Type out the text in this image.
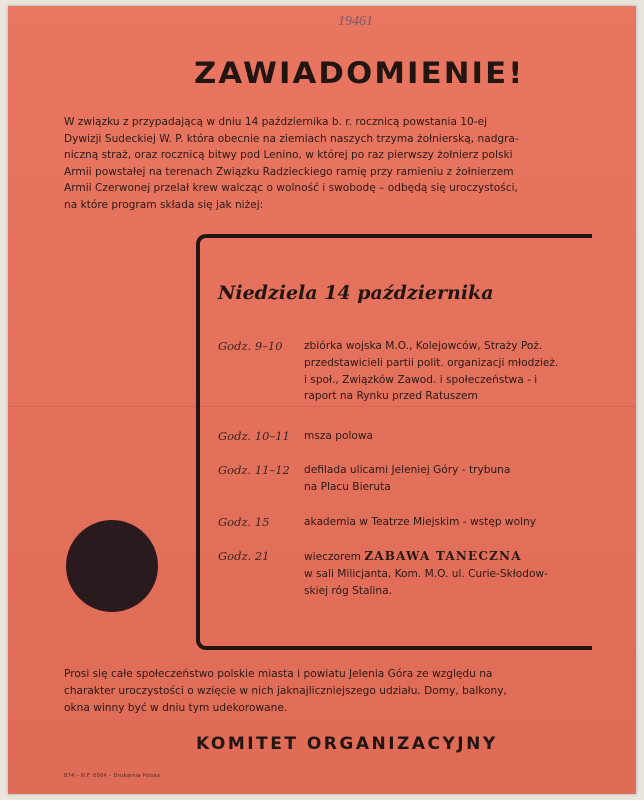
19461
ZAWIADOMIENIE!
W związku z przypadającą w dniu 14 października b. r. rocznicą powstania 10-ej
Dywizji Sudeckiej W. P. która obecnie na ziemiach naszych trzyma żołnierską, nadgra-
niczną straż, oraz rocznicą bitwy pod Lenino, w której po raz pierwszy żołnierz polski
Armii powstałej na terenach Związku Radzieckiego ramię przy ramieniu z żołnierzem
Armii Czerwonej przelał krew walcząc o wolność i swobodę – odbędą się uroczystości,
na które program składa się jak niżej:
Niedziela 14 października
Godz. 9–10	zbiórka wojska M.O., Kolejowców, Straży Poż.
przedstawicieli partii polit. organizacji młodzież.
i społ., Związków Zawod. i społeczeństwa - i
raport na Rynku przed Ratuszem
Godz. 10–11	msza polowa
Godz. 11–12	defilada ulicami Jeleniej Góry - trybuna
na Placu Bieruta
Godz. 15	akademia w Teatrze Miejskim - wstęp wolny
Godz. 21	wieczorem ZABAWA TANECZNA
w sali Milicjanta, Kom. M.O. ul. Curie-Skłodow-
skiej róg Stalina.
Prosi się całe społeczeństwo polskie miasta i powiatu Jelenia Góra ze względu na
charakter uroczystości o wzięcie w nich jaknajliczniejszego udziału. Domy, balkony,
okna winny być w dniu tym udekorowane.
KOMITET ORGANIZACYJNY
874 – N.F. 0064 – Drukarnia Polska
